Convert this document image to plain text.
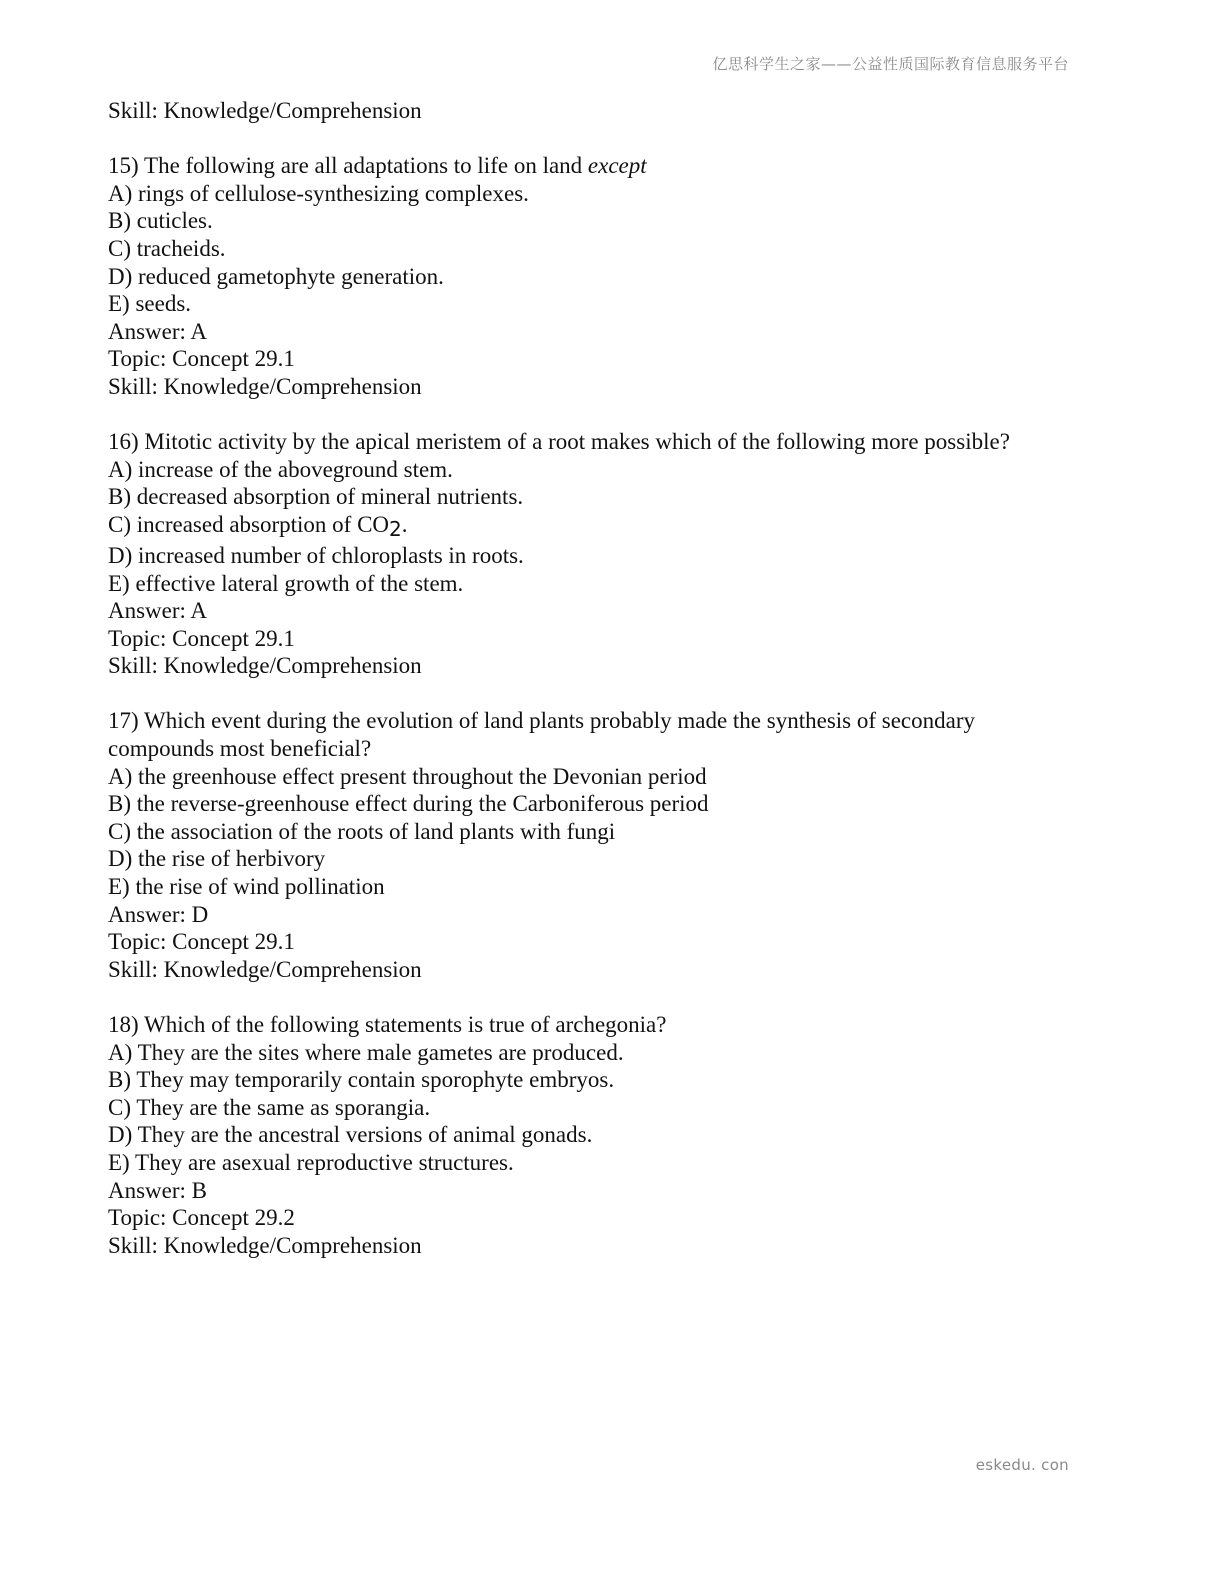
亿思科学生之家——公益性质国际教育信息服务平台
Skill: Knowledge/Comprehension
15) The following are all adaptations to life on land except
A) rings of cellulose-synthesizing complexes.
B) cuticles.
C) tracheids.
D) reduced gametophyte generation.
E) seeds.
Answer: A
Topic: Concept 29.1
Skill: Knowledge/Comprehension
16) Mitotic activity by the apical meristem of a root makes which of the following more possible?
A) increase of the aboveground stem.
B) decreased absorption of mineral nutrients.
C) increased absorption of CO2.
D) increased number of chloroplasts in roots.
E) effective lateral growth of the stem.
Answer: A
Topic: Concept 29.1
Skill: Knowledge/Comprehension
17) Which event during the evolution of land plants probably made the synthesis of secondary
compounds most beneficial?
A) the greenhouse effect present throughout the Devonian period
B) the reverse-greenhouse effect during the Carboniferous period
C) the association of the roots of land plants with fungi
D) the rise of herbivory
E) the rise of wind pollination
Answer: D
Topic: Concept 29.1
Skill: Knowledge/Comprehension
18) Which of the following statements is true of archegonia?
A) They are the sites where male gametes are produced.
B) They may temporarily contain sporophyte embryos.
C) They are the same as sporangia.
D) They are the ancestral versions of animal gonads.
E) They are asexual reproductive structures.
Answer: B
Topic: Concept 29.2
Skill: Knowledge/Comprehension
eskedu. con
